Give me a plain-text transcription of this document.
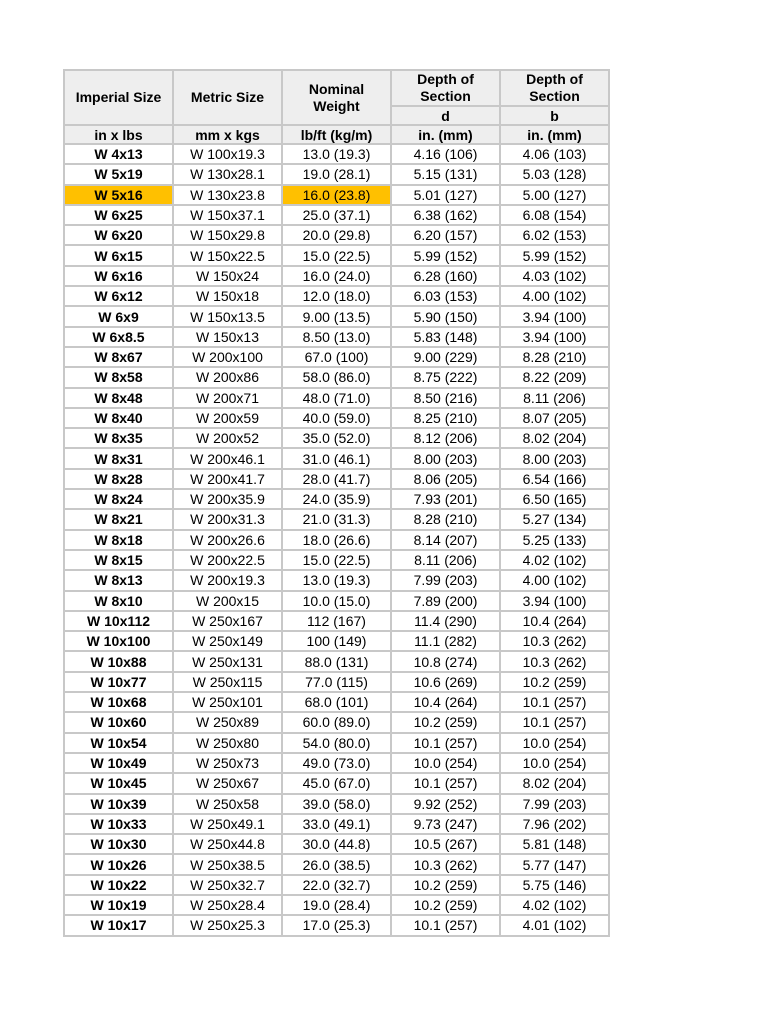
Imperial Size	Metric Size	Nominal Weight	Depth of Section	Depth of Section
			d	b
in x lbs	mm x kgs	lb/ft (kg/m)	in. (mm)	in. (mm)
W 4x13	W 100x19.3	13.0 (19.3)	4.16 (106)	4.06 (103)
W 5x19	W 130x28.1	19.0 (28.1)	5.15 (131)	5.03 (128)
W 5x16	W 130x23.8	16.0 (23.8)	5.01 (127)	5.00 (127)
W 6x25	W 150x37.1	25.0 (37.1)	6.38 (162)	6.08 (154)
W 6x20	W 150x29.8	20.0 (29.8)	6.20 (157)	6.02 (153)
W 6x15	W 150x22.5	15.0 (22.5)	5.99 (152)	5.99 (152)
W 6x16	W 150x24	16.0 (24.0)	6.28 (160)	4.03 (102)
W 6x12	W 150x18	12.0 (18.0)	6.03 (153)	4.00 (102)
W 6x9	W 150x13.5	9.00 (13.5)	5.90 (150)	3.94 (100)
W 6x8.5	W 150x13	8.50 (13.0)	5.83 (148)	3.94 (100)
W 8x67	W 200x100	67.0 (100)	9.00 (229)	8.28 (210)
W 8x58	W 200x86	58.0 (86.0)	8.75 (222)	8.22 (209)
W 8x48	W 200x71	48.0 (71.0)	8.50 (216)	8.11 (206)
W 8x40	W 200x59	40.0 (59.0)	8.25 (210)	8.07 (205)
W 8x35	W 200x52	35.0 (52.0)	8.12 (206)	8.02 (204)
W 8x31	W 200x46.1	31.0 (46.1)	8.00 (203)	8.00 (203)
W 8x28	W 200x41.7	28.0 (41.7)	8.06 (205)	6.54 (166)
W 8x24	W 200x35.9	24.0 (35.9)	7.93 (201)	6.50 (165)
W 8x21	W 200x31.3	21.0 (31.3)	8.28 (210)	5.27 (134)
W 8x18	W 200x26.6	18.0 (26.6)	8.14 (207)	5.25 (133)
W 8x15	W 200x22.5	15.0 (22.5)	8.11 (206)	4.02 (102)
W 8x13	W 200x19.3	13.0 (19.3)	7.99 (203)	4.00 (102)
W 8x10	W 200x15	10.0 (15.0)	7.89 (200)	3.94 (100)
W 10x112	W 250x167	112 (167)	11.4 (290)	10.4 (264)
W 10x100	W 250x149	100 (149)	11.1 (282)	10.3 (262)
W 10x88	W 250x131	88.0 (131)	10.8 (274)	10.3 (262)
W 10x77	W 250x115	77.0 (115)	10.6 (269)	10.2 (259)
W 10x68	W 250x101	68.0 (101)	10.4 (264)	10.1 (257)
W 10x60	W 250x89	60.0 (89.0)	10.2 (259)	10.1 (257)
W 10x54	W 250x80	54.0 (80.0)	10.1 (257)	10.0 (254)
W 10x49	W 250x73	49.0 (73.0)	10.0 (254)	10.0 (254)
W 10x45	W 250x67	45.0 (67.0)	10.1 (257)	8.02 (204)
W 10x39	W 250x58	39.0 (58.0)	9.92 (252)	7.99 (203)
W 10x33	W 250x49.1	33.0 (49.1)	9.73 (247)	7.96 (202)
W 10x30	W 250x44.8	30.0 (44.8)	10.5 (267)	5.81 (148)
W 10x26	W 250x38.5	26.0 (38.5)	10.3 (262)	5.77 (147)
W 10x22	W 250x32.7	22.0 (32.7)	10.2 (259)	5.75 (146)
W 10x19	W 250x28.4	19.0 (28.4)	10.2 (259)	4.02 (102)
W 10x17	W 250x25.3	17.0 (25.3)	10.1 (257)	4.01 (102)
